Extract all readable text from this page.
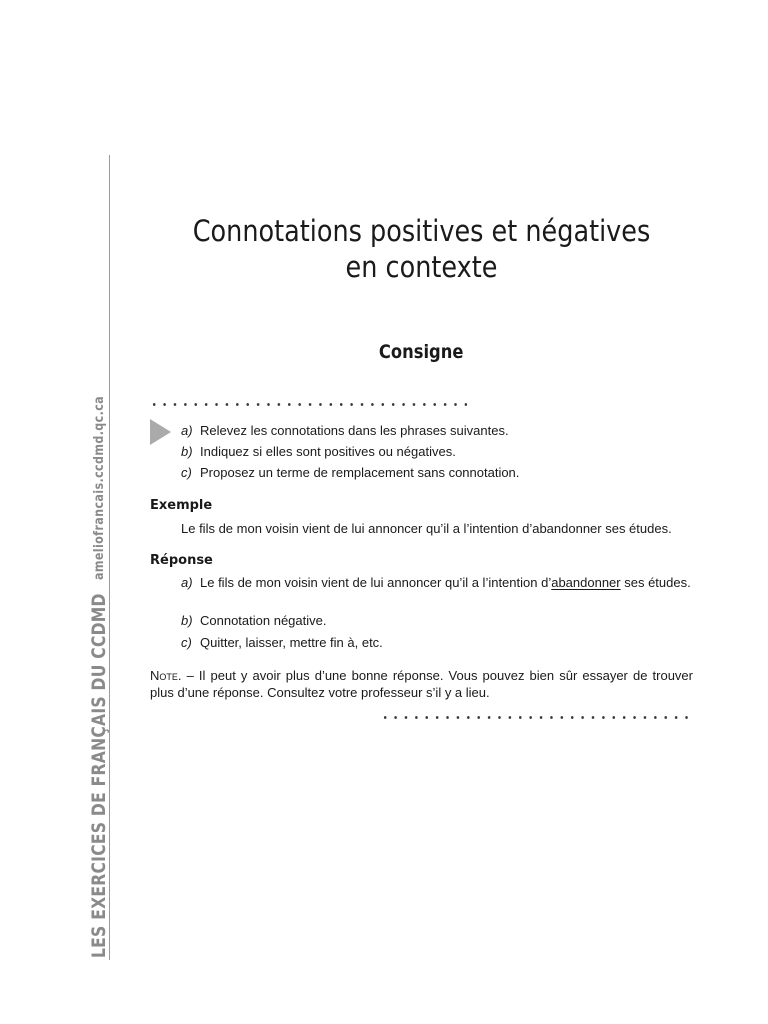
LES EXERCICES DE FRANÇAIS DU CCDMD
ameliofrancais.ccdmd.qc.ca
Connotations positives et négatives
en contexte
Consigne
a) Relevez les connotations dans les phrases suivantes.
b) Indiquez si elles sont positives ou négatives.
c) Proposez un terme de remplacement sans connotation.
Exemple
Le fils de mon voisin vient de lui annoncer qu’il a l’intention d’abandonner ses études.
Réponse
a) Le fils de mon voisin vient de lui annoncer qu’il a l’intention d’abandonner ses études.
b) Connotation négative.
c) Quitter, laisser, mettre fin à, etc.
Note. – Il peut y avoir plus d’une bonne réponse. Vous pouvez bien sûr essayer de trouver plus d’une réponse. Consultez votre professeur s’il y a lieu.
